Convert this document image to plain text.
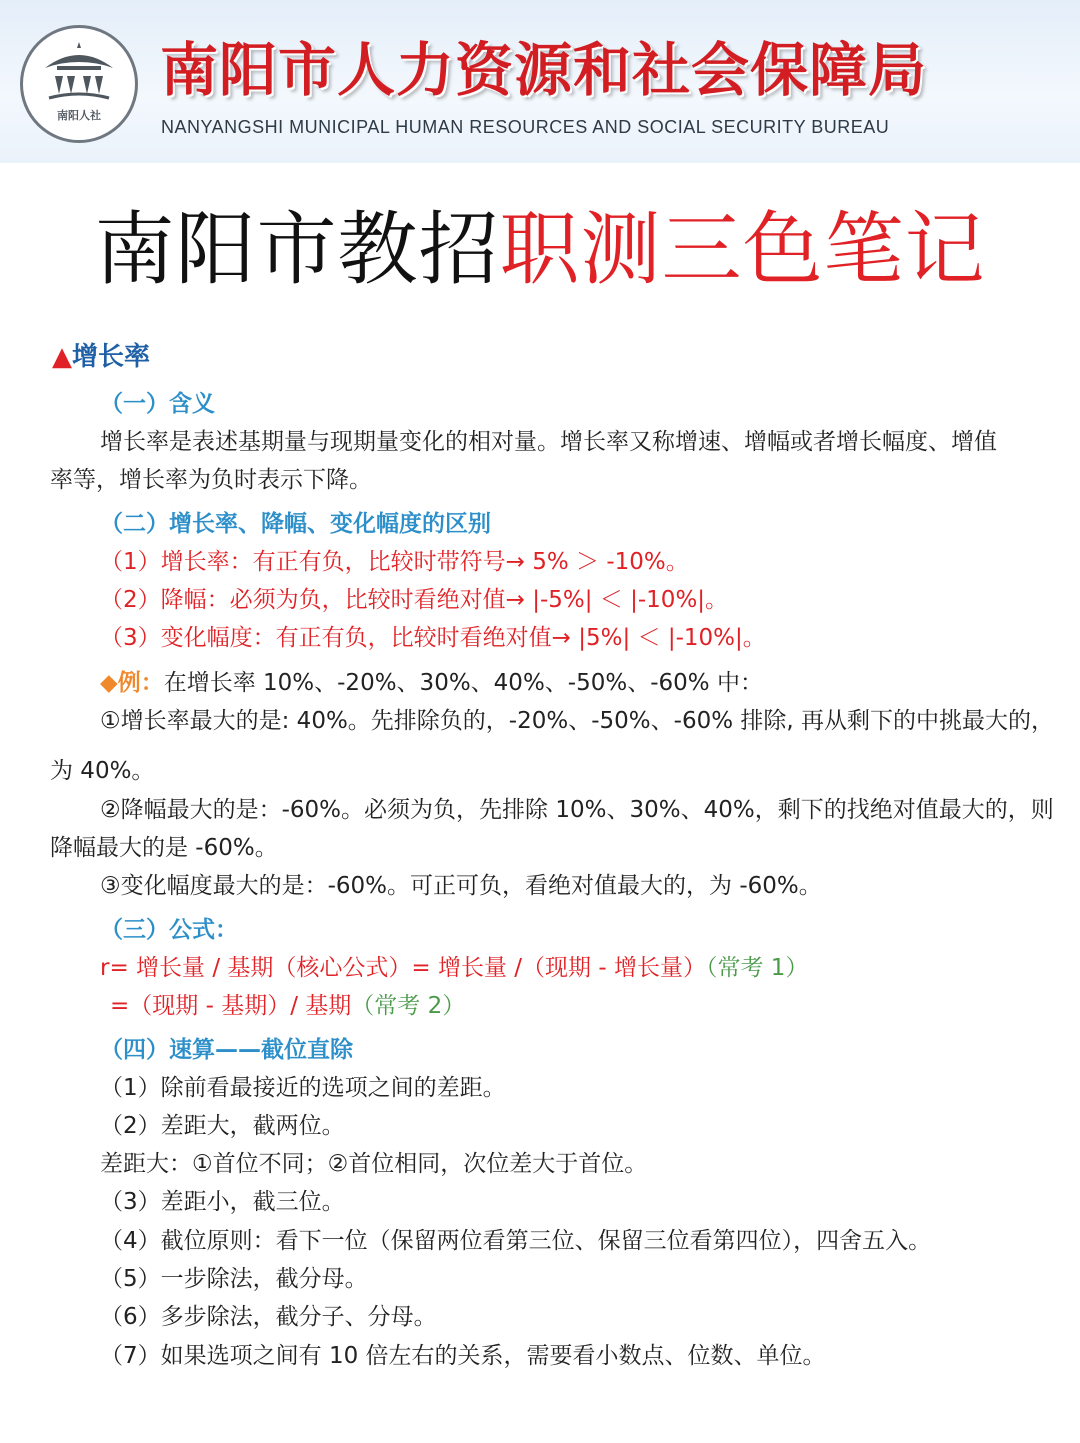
南阳人社
南阳市人力资源和社会保障局
NANYANGSHI MUNICIPAL HUMAN RESOURCES AND SOCIAL SECURITY BUREAU
南阳市教招职测三色笔记
▲增长率
（一）含义
增长率是表述基期量与现期量变化的相对量。增长率又称增速、增幅或者增长幅度、增值
率等，增长率为负时表示下降。
（二）增长率、降幅、变化幅度的区别
（1）增长率：有正有负，比较时带符号→ 5% ＞ -10%。
（2）降幅：必须为负，比较时看绝对值→ |-5%| ＜ |-10%|。
（3）变化幅度：有正有负，比较时看绝对值→ |5%| ＜ |-10%|。
◆例：在增长率 10%、-20%、30%、40%、-50%、-60% 中：
①增长率最大的是: 40%。先排除负的，-20%、-50%、-60% 排除, 再从剩下的中挑最大的，
为 40%。
②降幅最大的是：-60%。必须为负，先排除 10%、30%、40%，剩下的找绝对值最大的，则
降幅最大的是 -60%。
③变化幅度最大的是：-60%。可正可负，看绝对值最大的，为 -60%。
（三）公式：
r= 增长量 / 基期（核心公式）= 增长量 /（现期 - 增长量）（常考 1）
=（现期 - 基期）/ 基期（常考 2）
（四）速算——截位直除
（1）除前看最接近的选项之间的差距。
（2）差距大，截两位。
差距大：①首位不同；②首位相同，次位差大于首位。
（3）差距小，截三位。
（4）截位原则：看下一位（保留两位看第三位、保留三位看第四位），四舍五入。
（5）一步除法，截分母。
（6）多步除法，截分子、分母。
（7）如果选项之间有 10 倍左右的关系，需要看小数点、位数、单位。
